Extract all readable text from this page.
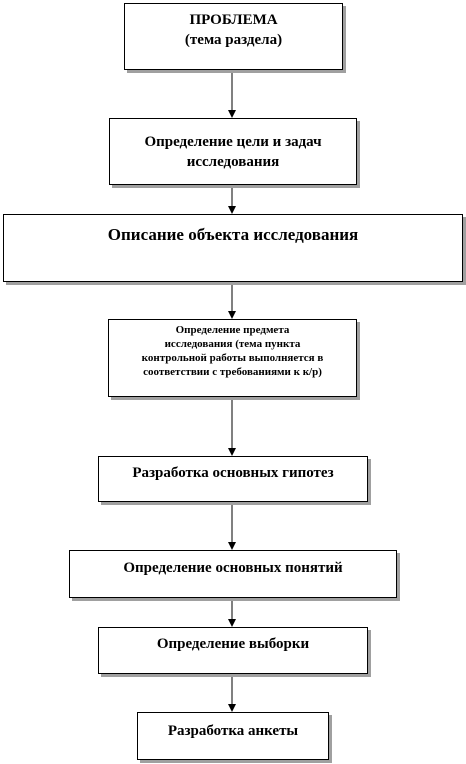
ПРОБЛЕМА
(тема раздела)
Определение цели и задач
исследования
Описание объекта исследования
Определение предмета
исследования (тема пункта
контрольной работы выполняется в
соответствии с требованиями к к/р)
Разработка основных гипотез
Определение основных понятий
Определение выборки
Разработка анкеты
